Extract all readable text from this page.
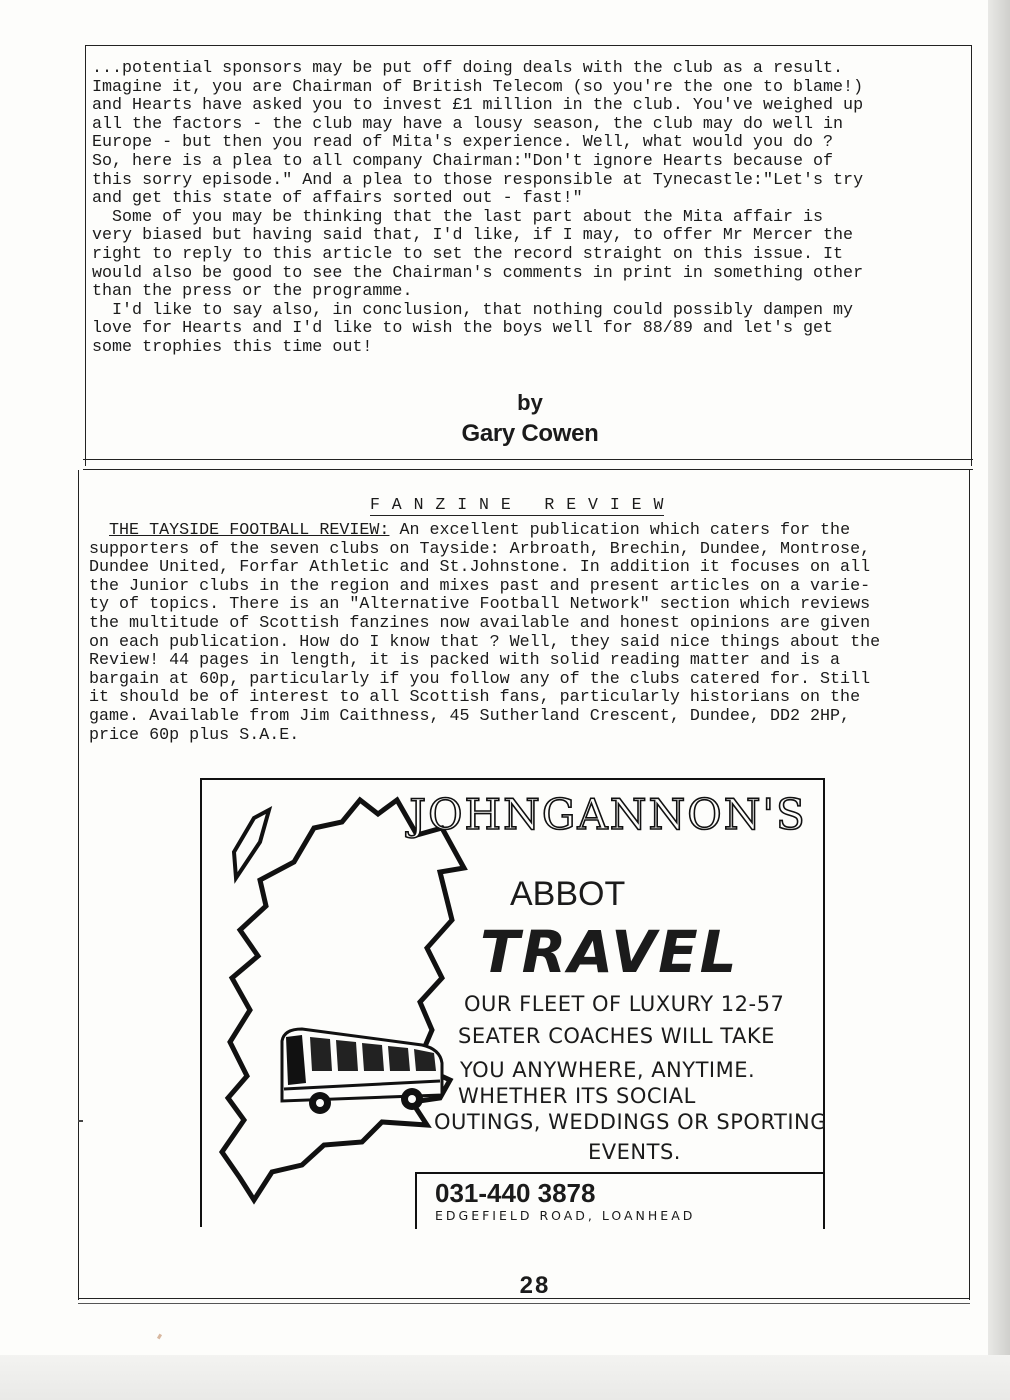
...potential sponsors may be put off doing deals with the club as a result.

Imagine it, you are Chairman of British Telecom (so you're the one to blame!)

and Hearts have asked you to invest £1 million in the club. You've weighed up

all the factors - the club may have a lousy season, the club may do well in

Europe - but then you read of Mita's experience. Well, what would you do ?

So, here is a plea to all company Chairman:"Don't ignore Hearts because of

this sorry episode." And a plea to those responsible at Tynecastle:"Let's try

and get this state of affairs sorted out - fast!"

Some of you may be thinking that the last part about the Mita affair is

very biased but having said that, I'd like, if I may, to offer Mr Mercer the

right to reply to this article to set the record straight on this issue. It

would also be good to see the Chairman's comments in print in something other

than the press or the programme.

I'd like to say also, in conclusion, that nothing could possibly dampen my

love for Hearts and I'd like to wish the boys well for 88/89 and let's get

some trophies this time out!

by
Gary Cowen
F A N Z I N E   R E V I E W

THE TAYSIDE FOOTBALL REVIEW: An excellent publication which caters for the

supporters of the seven clubs on Tayside: Arbroath, Brechin, Dundee, Montrose,

Dundee United, Forfar Athletic and St.Johnstone. In addition it focuses on all

the Junior clubs in the region and mixes past and present articles on a varie-

ty of topics. There is an "Alternative Football Network" section which reviews

the multitude of Scottish fanzines now available and honest opinions are given

on each publication. How do I know that ? Well, they said nice things about the

Review! 44 pages in length, it is packed with solid reading matter and is a

bargain at 60p, particularly if you follow any of the clubs catered for. Still

it should be of interest to all Scottish fans, particularly historians on the

game. Available from Jim Caithness, 45 Sutherland Crescent, Dundee, DD2 2HP,

price 60p plus S.A.E.

JOHNGANNON'S
ABBOT
TRAVEL
OUR FLEET OF LUXURY 12-57
SEATER COACHES WILL TAKE
YOU ANYWHERE, ANYTIME.
WHETHER ITS SOCIAL
OUTINGS, WEDDINGS OR SPORTING
EVENTS.
031-440 3878
EDGEFIELD ROAD, LOANHEAD
28
